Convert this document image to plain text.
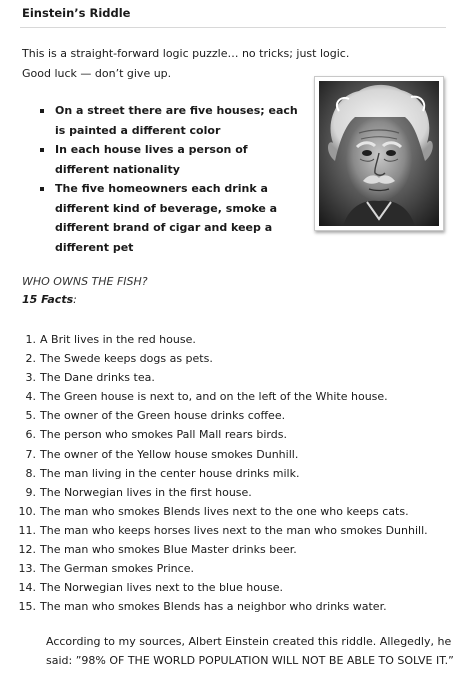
Einstein’s Riddle

This is a straight-forward logic puzzle… no tricks; just logic.

Good luck — don’t give up.

On a street there are five houses; each is painted a different color
In each house lives a person of different nationality
The five homeowners each drink a different kind of beverage, smoke a different brand of cigar and keep a different pet
WHO OWNS THE FISH?
15 Facts:
1. A Brit lives in the red house.
2. The Swede keeps dogs as pets.
3. The Dane drinks tea.
4. The Green house is next to, and on the left of the White house.
5. The owner of the Green house drinks coffee.
6. The person who smokes Pall Mall rears birds.
7. The owner of the Yellow house smokes Dunhill.
8. The man living in the center house drinks milk.
9. The Norwegian lives in the first house.
10. The man who smokes Blends lives next to the one who keeps cats.
11. The man who keeps horses lives next to the man who smokes Dunhill.
12. The man who smokes Blue Master drinks beer.
13. The German smokes Prince.
14. The Norwegian lives next to the blue house.
15. The man who smokes Blends has a neighbor who drinks water.

According to my sources, Albert Einstein created this riddle. Allegedly, he

said: ”98% OF THE WORLD POPULATION WILL NOT BE ABLE TO SOLVE IT.”
